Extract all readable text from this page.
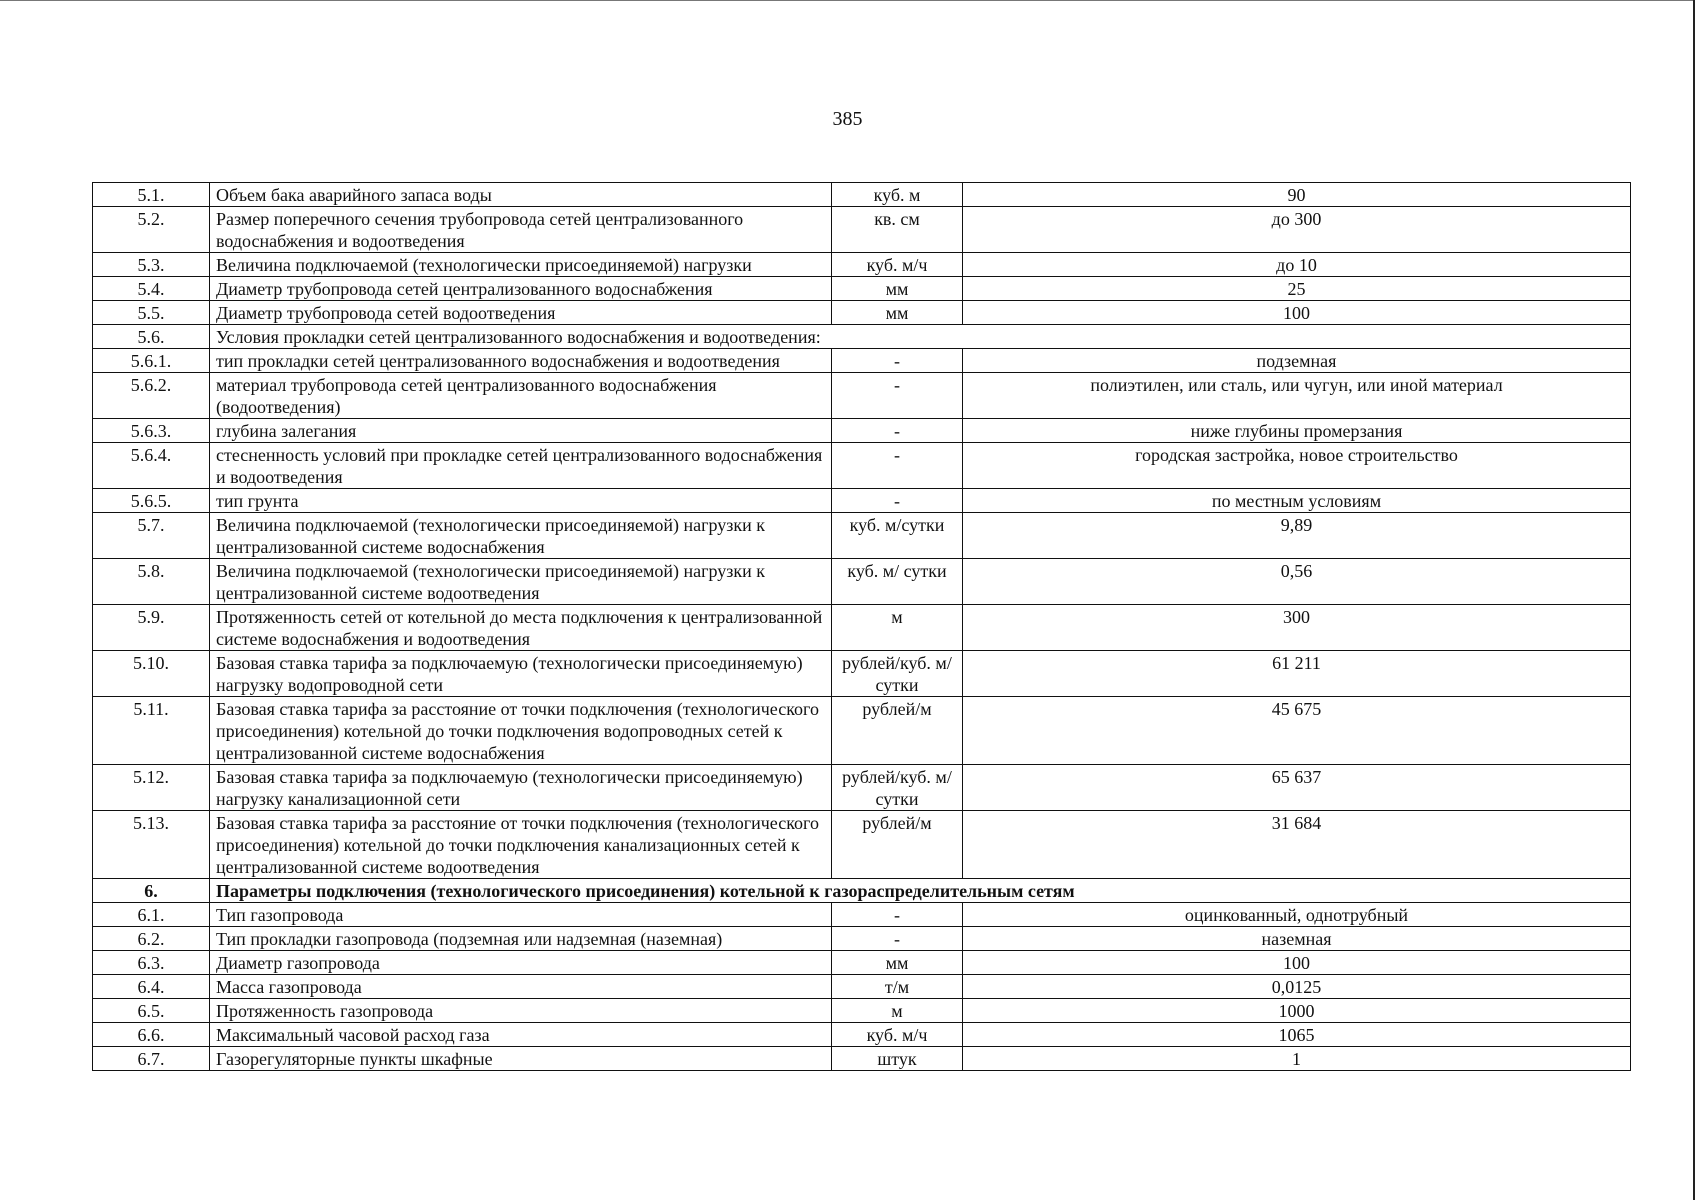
385
5.1.	Объем бака аварийного запаса воды	куб. м	90
5.2.	Размер поперечного сечения трубопровода сетей централизованного водоснабжения и водоотведения	кв. см	до 300
5.3.	Величина подключаемой (технологически присоединяемой) нагрузки	куб. м/ч	до 10
5.4.	Диаметр трубопровода сетей централизованного водоснабжения	мм	25
5.5.	Диаметр трубопровода сетей водоотведения	мм	100
5.6.	Условия прокладки сетей централизованного водоснабжения и водоотведения:		
5.6.1.	тип прокладки сетей централизованного водоснабжения и водоотведения	-	подземная
5.6.2.	материал трубопровода сетей централизованного водоснабжения (водоотведения)	-	полиэтилен, или сталь, или чугун, или иной материал
5.6.3.	глубина залегания	-	ниже глубины промерзания
5.6.4.	стесненность условий при прокладке сетей централизованного водоснабжения и водоотведения	-	городская застройка, новое строительство
5.6.5.	тип грунта	-	по местным условиям
5.7.	Величина подключаемой (технологически присоединяемой) нагрузки к централизованной системе водоснабжения	куб. м/сутки	9,89
5.8.	Величина подключаемой (технологически присоединяемой) нагрузки к централизованной системе водоотведения	куб. м/ сутки	0,56
5.9.	Протяженность сетей от котельной до места подключения к централизованной системе водоснабжения и водоотведения	м	300
5.10.	Базовая ставка тарифа за подключаемую (технологически присоединяемую) нагрузку водопроводной сети	рублей/куб. м/сутки	61 211
5.11.	Базовая ставка тарифа за расстояние от точки подключения (технологического присоединения) котельной до точки подключения водопроводных сетей к централизованной системе водоснабжения	рублей/м	45 675
5.12.	Базовая ставка тарифа за подключаемую (технологически присоединяемую) нагрузку канализационной сети	рублей/куб. м/сутки	65 637
5.13.	Базовая ставка тарифа за расстояние от точки подключения (технологического присоединения) котельной до точки подключения канализационных сетей к централизованной системе водоотведения	рублей/м	31 684
6.	Параметры подключения (технологического присоединения) котельной к газораспределительным сетям		
6.1.	Тип газопровода	-	оцинкованный, однотрубный
6.2.	Тип прокладки газопровода (подземная или надземная (наземная)	-	наземная
6.3.	Диаметр газопровода	мм	100
6.4.	Масса газопровода	т/м	0,0125
6.5.	Протяженность газопровода	м	1000
6.6.	Максимальный часовой расход газа	куб. м/ч	1065
6.7.	Газорегуляторные пункты шкафные	штук	1
